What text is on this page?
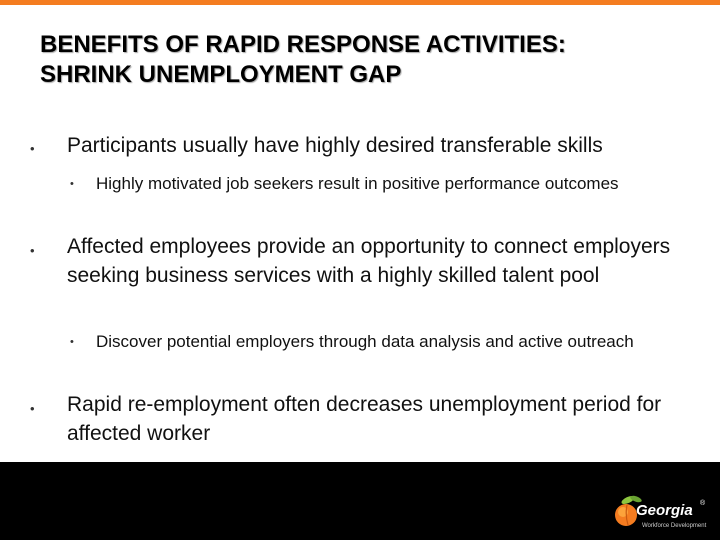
BENEFITS OF RAPID RESPONSE ACTIVITIES:
SHRINK UNEMPLOYMENT GAP
• Participants usually have highly desired transferable skills
• Highly motivated job seekers result in positive performance outcomes
• Affected employees provide an opportunity to connect employers seeking business services with a highly skilled talent pool
• Discover potential employers through data analysis and active outreach
• Rapid re-employment often decreases unemployment period for affected worker
Georgia ®
Workforce Development
